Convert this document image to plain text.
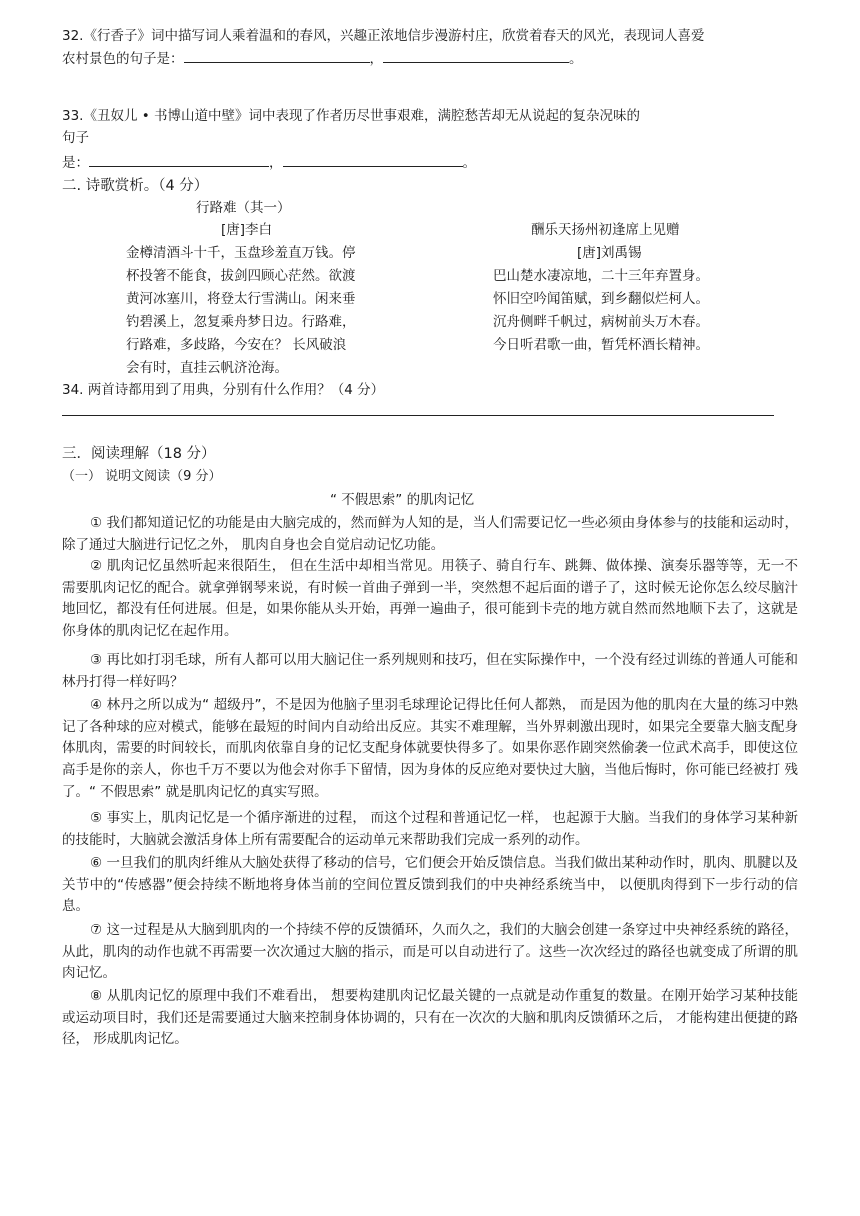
32.《行香子》词中描写词人乘着温和的春风，兴趣正浓地信步漫游村庄，欣赏着春天的风光，表现词人喜爱
农村景色的句子是：	，	。
33.《丑奴儿 • 书博山道中壁》词中表现了作者历尽世事艰难，满腔愁苦却无从说起的复杂况味的
句子
是：	，	。
二. 诗歌赏析。（4 分）
行路难（其一）
[唐]李白
金樽清酒斗十千，玉盘珍羞直万钱。停
杯投箸不能食，拔剑四顾心茫然。欲渡
黄河冰塞川，将登太行雪满山。闲来垂
钓碧溪上，忽复乘舟梦日边。行路难，
行路难，多歧路，今安在？ 长风破浪
会有时，直挂云帆济沧海。
酬乐天扬州初逢席上见赠
[唐]刘禹锡
巴山楚水凄凉地，二十三年弃置身。
怀旧空吟闻笛赋，到乡翻似烂柯人。
沉舟侧畔千帆过，病树前头万木春。
今日听君歌一曲，暂凭杯酒长精神。
34. 两首诗都用到了用典，分别有什么作用？（4 分）
三．阅读理解（18 分）
（一） 说明文阅读（9 分）
“ 不假思索” 的肌肉记忆
① 我们都知道记忆的功能是由大脑完成的，然而鲜为人知的是，当人们需要记忆一些必须由身体参与的技能和运动时， 除了通过大脑进行记忆之外， 肌肉自身也会自觉启动记忆功能。
② 肌肉记忆虽然听起来很陌生， 但在生活中却相当常见。用筷子、骑自行车、跳舞、做体操、演奏乐器等等，无一不需要肌肉记忆的配合。就拿弹钢琴来说，有时候一首曲子弹到一半，突然想不起后面的谱子了，这时候无论你怎么绞尽脑汁地回忆，都没有任何进展。但是，如果你能从头开始，再弹一遍曲子，很可能到卡壳的地方就自然而然地顺下去了，这就是你身体的肌肉记忆在起作用。
③ 再比如打羽毛球，所有人都可以用大脑记住一系列规则和技巧，但在实际操作中，一个没有经过训练的普通人可能和林丹打得一样好吗？
④ 林丹之所以成为“ 超级丹”，不是因为他脑子里羽毛球理论记得比任何人都熟， 而是因为他的肌肉在大量的练习中熟记了各种球的应对模式，能够在最短的时间内自动给出反应。其实不难理解，当外界刺激出现时，如果完全要靠大脑支配身体肌肉，需要的时间较长，而肌肉依靠自身的记忆支配身体就要快得多了。如果你恶作剧突然偷袭一位武术高手，即使这位高手是你的亲人，你也千万不要以为他会对你手下留情，因为身体的反应绝对要快过大脑，当他后悔时，你可能已经被打 残了。“ 不假思索” 就是肌肉记忆的真实写照。
⑤ 事实上，肌肉记忆是一个循序渐进的过程， 而这个过程和普通记忆一样， 也起源于大脑。当我们的身体学习某种新的技能时，大脑就会激活身体上所有需要配合的运动单元来帮助我们完成一系列的动作。
⑥ 一旦我们的肌肉纤维从大脑处获得了移动的信号，它们便会开始反馈信息。当我们做出某种动作时，肌肉、肌腱以及关节中的“传感器”便会持续不断地将身体当前的空间位置反馈到我们的中央神经系统当中， 以便肌肉得到下一步行动的信息。
⑦ 这一过程是从大脑到肌肉的一个持续不停的反馈循环，久而久之，我们的大脑会创建一条穿过中央神经系统的路径，从此，肌肉的动作也就不再需要一次次通过大脑的指示，而是可以自动进行了。这些一次次经过的路径也就变成了所谓的肌肉记忆。
⑧ 从肌肉记忆的原理中我们不难看出， 想要构建肌肉记忆最关键的一点就是动作重复的数量。在刚开始学习某种技能或运动项目时，我们还是需要通过大脑来控制身体协调的，只有在一次次的大脑和肌肉反馈循环之后， 才能构建出便捷的路径， 形成肌肉记忆。
